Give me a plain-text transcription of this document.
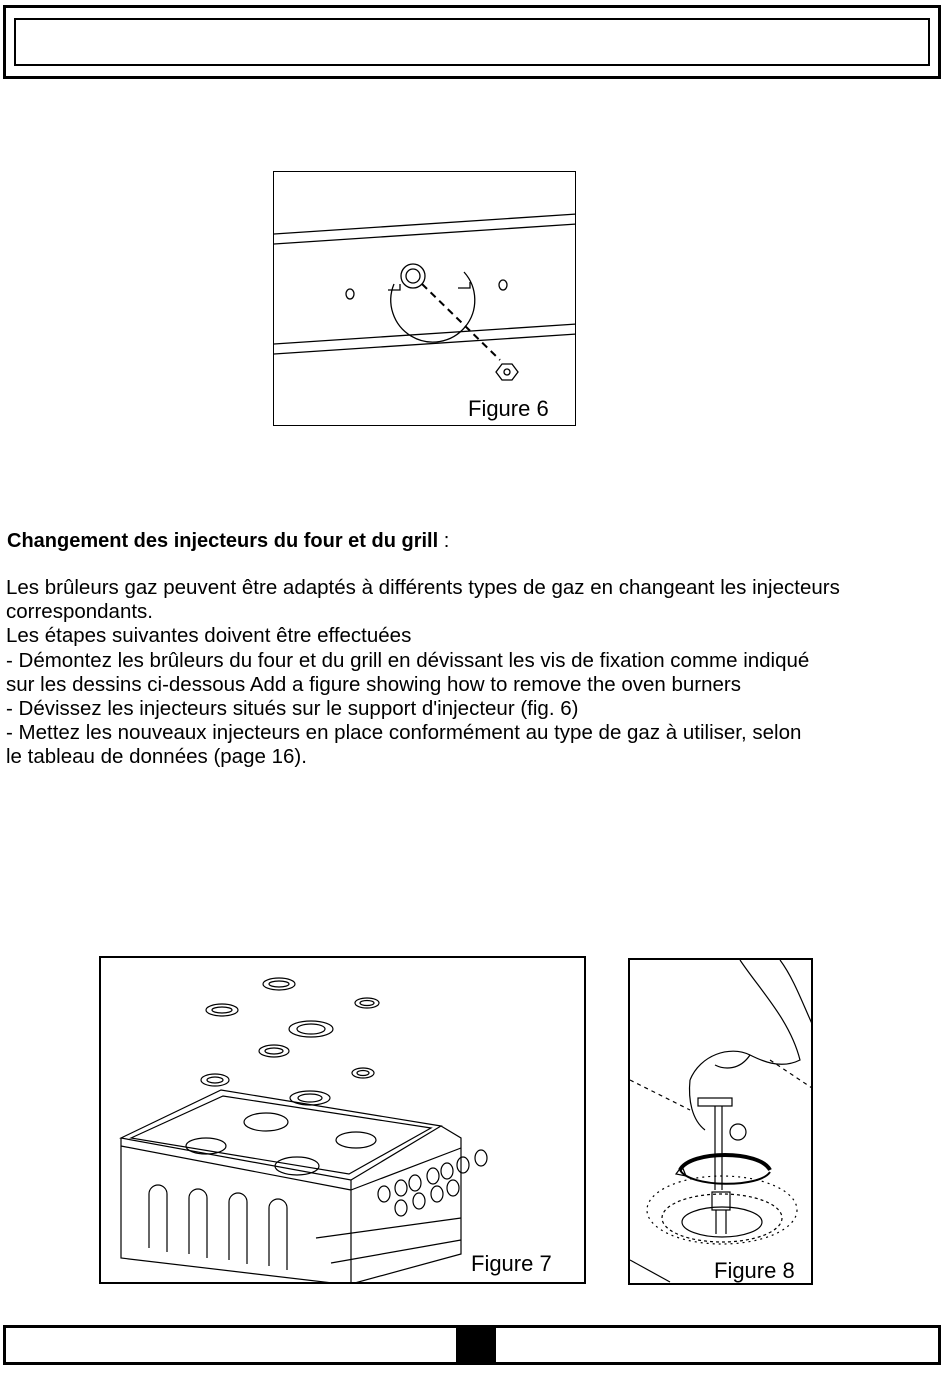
Figure 6
Changement des injecteurs du four et du grill :
Les brûleurs gaz peuvent être adaptés à différents types de gaz en changeant les injecteurs
correspondants.
Les étapes suivantes doivent être effectuées
- Démontez les brûleurs du four et du grill en dévissant les vis de fixation comme indiqué
sur les dessins ci-dessous Add a figure showing how to remove the oven burners
- Dévissez les injecteurs situés sur le support d'injecteur (fig. 6)
- Mettez les nouveaux injecteurs en place conformément au type de gaz à utiliser, selon
le tableau de données (page 16).
Figure 7	Figure 8
